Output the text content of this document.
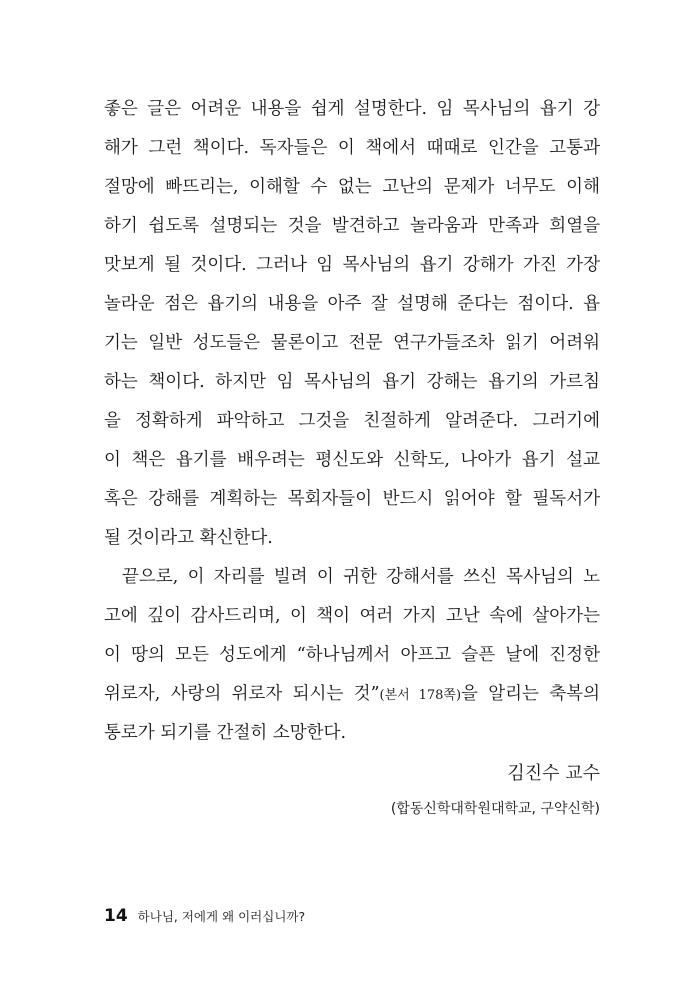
좋은 글은 어려운 내용을 쉽게 설명한다. 임 목사님의 욥기 강
해가 그런 책이다. 독자들은 이 책에서 때때로 인간을 고통과
절망에 빠뜨리는, 이해할 수 없는 고난의 문제가 너무도 이해
하기 쉽도록 설명되는 것을 발견하고 놀라움과 만족과 희열을
맛보게 될 것이다. 그러나 임 목사님의 욥기 강해가 가진 가장
놀라운 점은 욥기의 내용을 아주 잘 설명해 준다는 점이다. 욥
기는 일반 성도들은 물론이고 전문 연구가들조차 읽기 어려워
하는 책이다. 하지만 임 목사님의 욥기 강해는 욥기의 가르침
을 정확하게 파악하고 그것을 친절하게 알려준다. 그러기에
이 책은 욥기를 배우려는 평신도와 신학도, 나아가 욥기 설교
혹은 강해를 계획하는 목회자들이 반드시 읽어야 할 필독서가
될 것이라고 확신한다.
끝으로, 이 자리를 빌려 이 귀한 강해서를 쓰신 목사님의 노
고에 깊이 감사드리며, 이 책이 여러 가지 고난 속에 살아가는
이 땅의 모든 성도에게 “하나님께서 아프고 슬픈 날에 진정한
위로자, 사랑의 위로자 되시는 것”(본서 178쪽)을 알리는 축복의
통로가 되기를 간절히 소망한다.
김진수 교수
(합동신학대학원대학교, 구약신학)
14 하나님, 저에게 왜 이러십니까?
